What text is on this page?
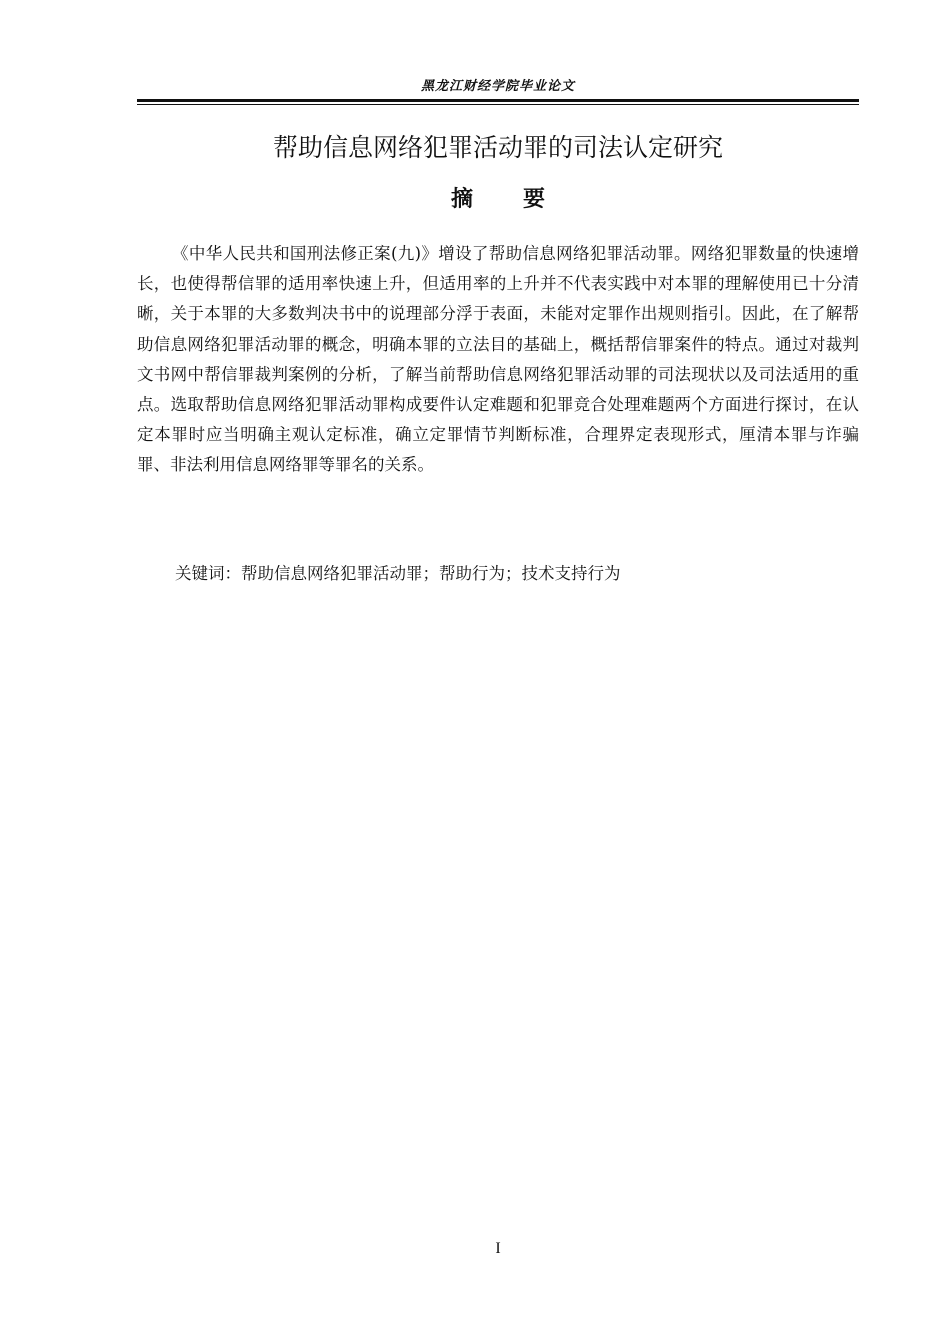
黑龙江财经学院毕业论文
帮助信息网络犯罪活动罪的司法认定研究
摘要

《中华人民共和国刑法修正案(九)》增设了帮助信息网络犯罪活动罪。网络犯罪数量的快速增长，也使得帮信罪的适用率快速上升，但适用率的上升并不代表实践中对本罪的理解使用已十分清晰，关于本罪的大多数判决书中的说理部分浮于表面，未能对定罪作出规则指引。因此，在了解帮助信息网络犯罪活动罪的概念，明确本罪的立法目的基础上，概括帮信罪案件的特点。通过对裁判文书网中帮信罪裁判案例的分析，了解当前帮助信息网络犯罪活动罪的司法现状以及司法适用的重点。选取帮助信息网络犯罪活动罪构成要件认定难题和犯罪竞合处理难题两个方面进行探讨，在认定本罪时应当明确主观认定标准，确立定罪情节判断标准，合理界定表现形式，厘清本罪与诈骗罪、非法利用信息网络罪等罪名的关系。

关键词：帮助信息网络犯罪活动罪；帮助行为；技术支持行为
I
